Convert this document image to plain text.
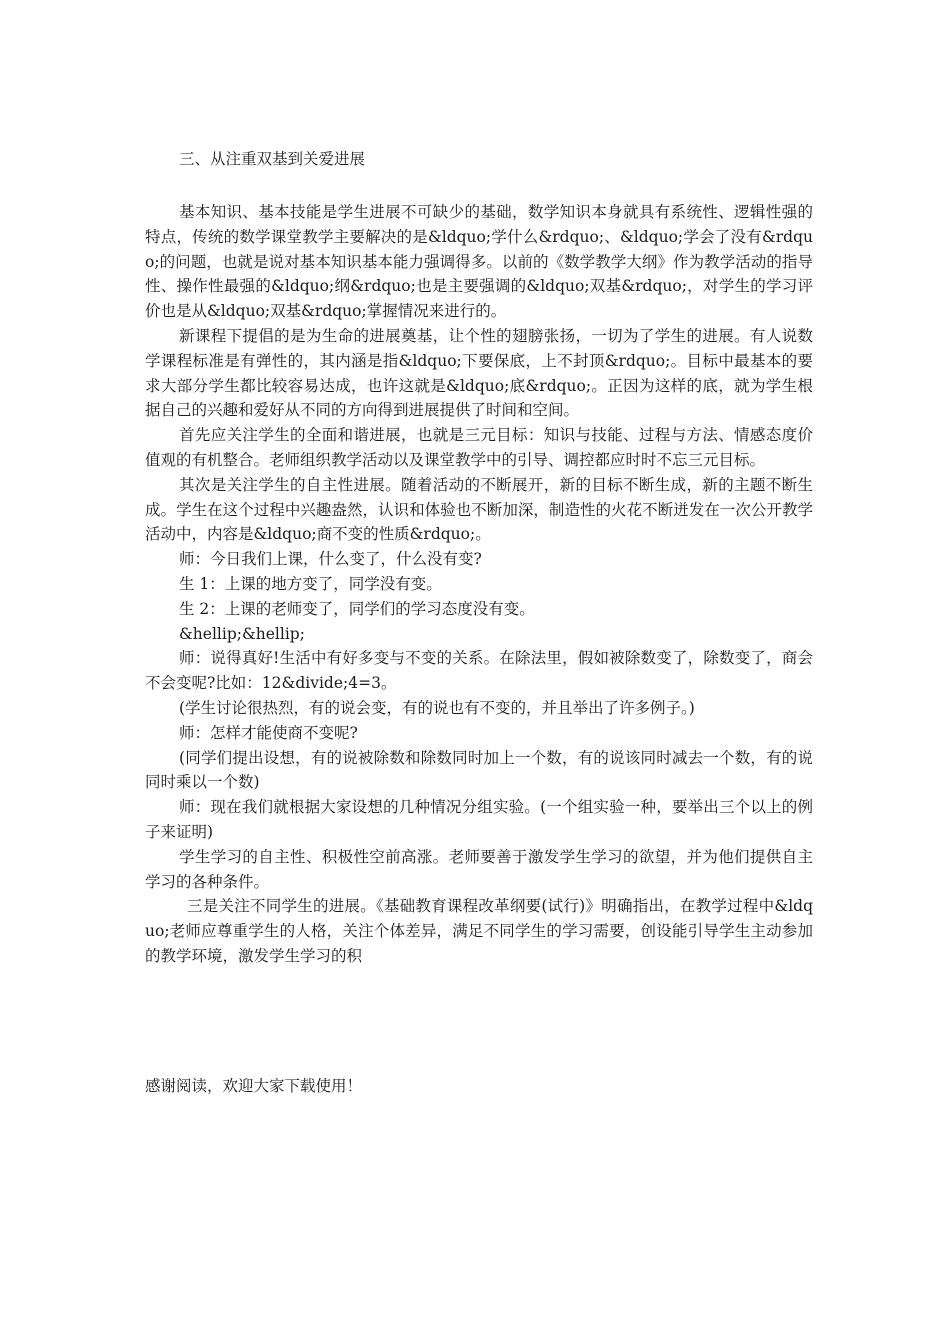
三、从注重双基到关爱进展

基本知识、基本技能是学生进展不可缺少的基础，数学知识本身就具有系统性、逻辑性强的特点，传统的数学课堂教学主要解决的是&ldquo;学什么&rdquo;、&ldquo;学会了没有&rdquo;的问题，也就是说对基本知识基本能力强调得多。以前的《数学教学大纲》作为教学活动的指导性、操作性最强的&ldquo;纲&rdquo;也是主要强调的&ldquo;双基&rdquo;，对学生的学习评价也是从&ldquo;双基&rdquo;掌握情况来进行的。

新课程下提倡的是为生命的进展奠基，让个性的翅膀张扬，一切为了学生的进展。有人说数学课程标准是有弹性的，其内涵是指&ldquo;下要保底，上不封顶&rdquo;。目标中最基本的要求大部分学生都比较容易达成，也许这就是&ldquo;底&rdquo;。正因为这样的底，就为学生根据自己的兴趣和爱好从不同的方向得到进展提供了时间和空间。

首先应关注学生的全面和谐进展，也就是三元目标：知识与技能、过程与方法、情感态度价值观的有机整合。老师组织教学活动以及课堂教学中的引导、调控都应时时不忘三元目标。

其次是关注学生的自主性进展。随着活动的不断展开，新的目标不断生成，新的主题不断生成。学生在这个过程中兴趣盎然，认识和体验也不断加深，制造性的火花不断迸发在一次公开教学活动中，内容是&ldquo;商不变的性质&rdquo;。

师：今日我们上课，什么变了，什么没有变?

生 1：上课的地方变了，同学没有变。

生 2：上课的老师变了，同学们的学习态度没有变。

&hellip;&hellip;

师：说得真好!生活中有好多变与不变的关系。在除法里，假如被除数变了，除数变了，商会不会变呢?比如：12&divide;4=3。

(学生讨论很热烈，有的说会变，有的说也有不变的，并且举出了许多例子。)

师：怎样才能使商不变呢?

(同学们提出设想，有的说被除数和除数同时加上一个数，有的说该同时减去一个数，有的说同时乘以一个数)

师：现在我们就根据大家设想的几种情况分组实验。(一个组实验一种，要举出三个以上的例子来证明)

学生学习的自主性、积极性空前高涨。老师要善于激发学生学习的欲望，并为他们提供自主学习的各种条件。

三是关注不同学生的进展。《基础教育课程改革纲要(试行)》明确指出，在教学过程中&ldquo;老师应尊重学生的人格，关注个体差异，满足不同学生的学习需要，创设能引导学生主动参加的教学环境，激发学生学习的积

感谢阅读，欢迎大家下载使用！
